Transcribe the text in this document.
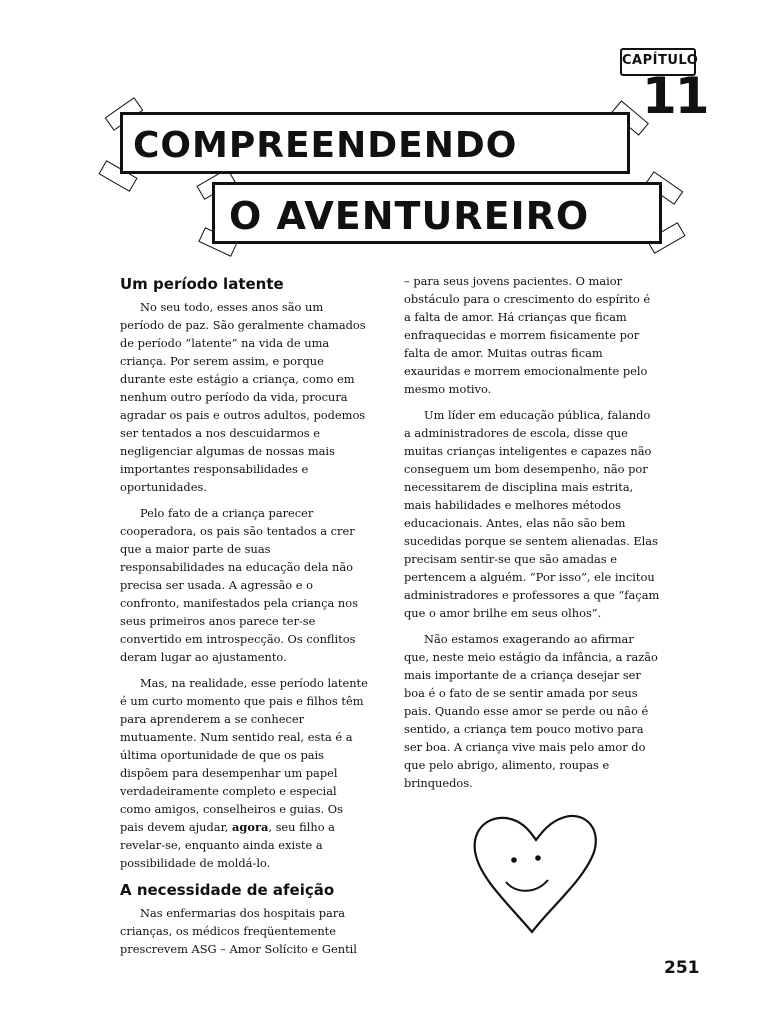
CAPÍTULO
11
COMPREENDENDO
O AVENTUREIRO
Um período latente

No seu todo, esses anos são um período de paz. São geralmente chamados de período “latente” na vida de uma criança. Por serem assim, e porque durante este estágio a criança, como em nenhum outro período da vida, procura agradar os pais e outros adultos, podemos ser tentados a nos descuidarmos e negligenciar algumas de nossas mais importantes responsabilidades e oportunidades.

Pelo fato de a criança parecer cooperadora, os pais são tentados a crer que a maior parte de suas responsabilidades na educação dela não precisa ser usada. A agressão e o confronto, manifestados pela criança nos seus primeiros anos parece ter-se convertido em introspecção. Os conflitos deram lugar ao ajustamento.

Mas, na realidade, esse período latente é um curto momento que pais e filhos têm para aprenderem a se conhecer mutuamente. Num sentido real, esta é a última oportunidade de que os pais dispõem para desempenhar um papel verdadeiramente completo e especial como amigos, conselheiros e guias. Os pais devem ajudar, agora, seu filho a revelar-se, enquanto ainda existe a possibilidade de moldá-lo.

A necessidade de afeição

Nas enfermarias dos hospitais para crianças, os médicos freqüentemente prescrevem ASG – Amor Solícito e Gentil

– para seus jovens pacientes. O maior obstáculo para o crescimento do espírito é a falta de amor. Há crianças que ficam enfraquecidas e morrem fisicamente por falta de amor. Muitas outras ficam exauridas e morrem emocionalmente pelo mesmo motivo.

Um líder em educação pública, falando a administradores de escola, disse que muitas crianças inteligentes e capazes não conseguem um bom desempenho, não por necessitarem de disciplina mais estrita, mais habilidades e melhores métodos educacionais. Antes, elas não são bem sucedidas porque se sentem alienadas. Elas precisam sentir-se que são amadas e pertencem a alguém. “Por isso”, ele incitou administradores e professores a que “façam que o amor brilhe em seus olhos”.

Não estamos exagerando ao afirmar que, neste meio estágio da infância, a razão mais importante de a criança desejar ser boa é o fato de se sentir amada por seus pais. Quando esse amor se perde ou não é sentido, a criança tem pouco motivo para ser boa. A criança vive mais pelo amor do que pelo abrigo, alimento, roupas e brinquedos.

251
